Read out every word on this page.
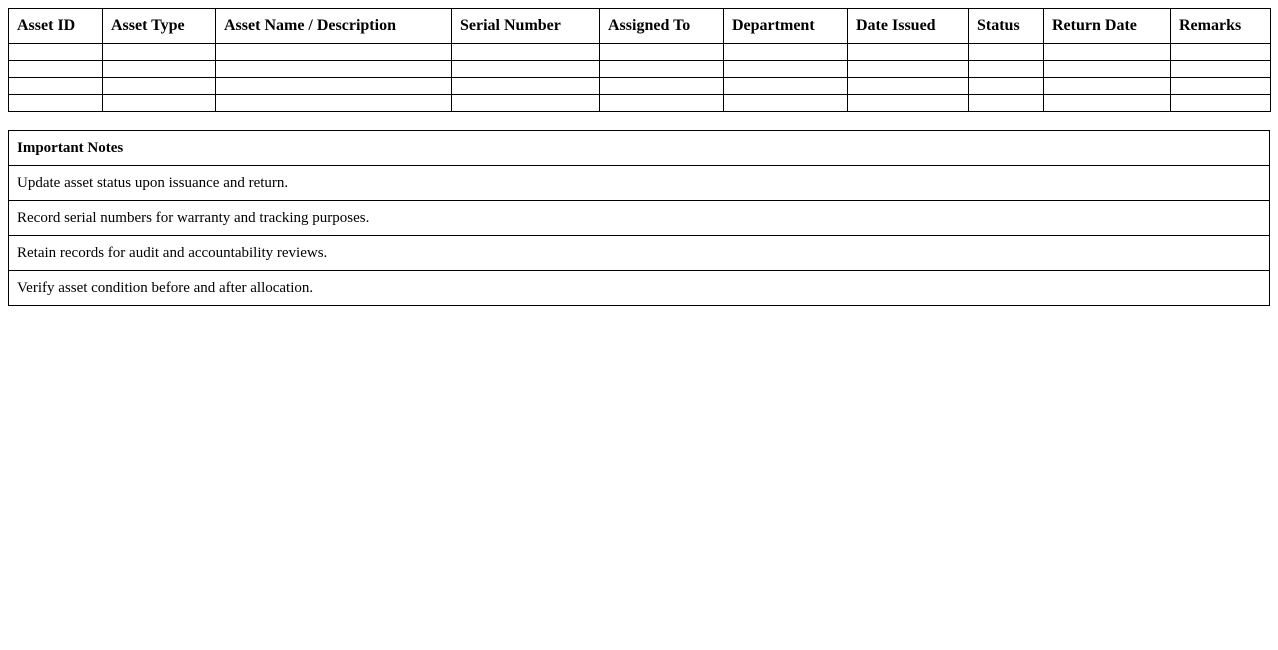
Asset ID	Asset Type	Asset Name / Description	Serial Number	Assigned To	Department	Date Issued	Status	Return Date	Remarks

Important Notes
Update asset status upon issuance and return.
Record serial numbers for warranty and tracking purposes.
Retain records for audit and accountability reviews.
Verify asset condition before and after allocation.
